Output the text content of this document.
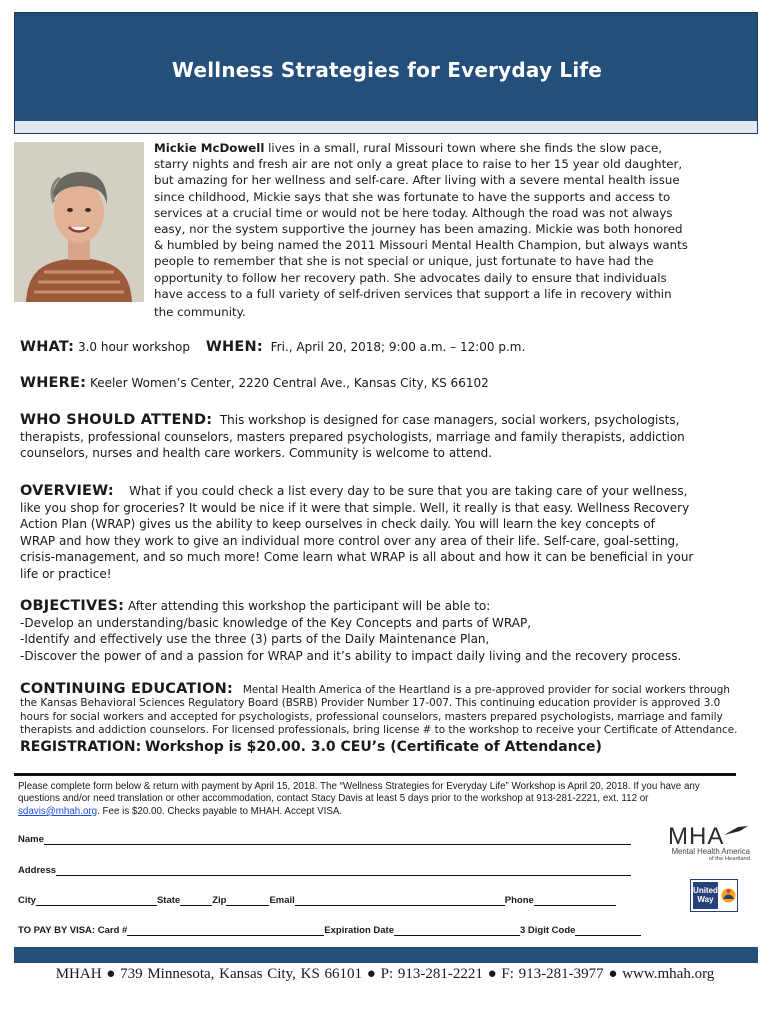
Wellness Strategies for Everyday Life
Mickie McDowell lives in a small, rural Missouri town where she finds the slow pace,
starry nights and fresh air are not only a great place to raise to her 15 year old daughter,
but amazing for her wellness and self-care. After living with a severe mental health issue
since childhood, Mickie says that she was fortunate to have the supports and access to
services at a crucial time or would not be here today. Although the road was not always
easy, nor the system supportive the journey has been amazing. Mickie was both honored
& humbled by being named the 2011 Missouri Mental Health Champion, but always wants
people to remember that she is not special or unique, just fortunate to have had the
opportunity to follow her recovery path. She advocates daily to ensure that individuals
have access to a full variety of self-driven services that support a life in recovery within
the community.
WHAT: 3.0 hour workshop WHEN: Fri., April 20, 2018; 9:00 a.m. – 12:00 p.m.
WHERE: Keeler Women’s Center, 2220 Central Ave., Kansas City, KS 66102
WHO SHOULD ATTEND: This workshop is designed for case managers, social workers, psychologists,
therapists, professional counselors, masters prepared psychologists, marriage and family therapists, addiction
counselors, nurses and health care workers. Community is welcome to attend.
OVERVIEW: What if you could check a list every day to be sure that you are taking care of your wellness,
like you shop for groceries? It would be nice if it were that simple. Well, it really is that easy. Wellness Recovery
Action Plan (WRAP) gives us the ability to keep ourselves in check daily. You will learn the key concepts of
WRAP and how they work to give an individual more control over any area of their life. Self-care, goal-setting,
crisis-management, and so much more! Come learn what WRAP is all about and how it can be beneficial in your
life or practice!
OBJECTIVES: After attending this workshop the participant will be able to:
-Develop an understanding/basic knowledge of the Key Concepts and parts of WRAP,
-Identify and effectively use the three (3) parts of the Daily Maintenance Plan,
-Discover the power of and a passion for WRAP and it’s ability to impact daily living and the recovery process.
CONTINUING EDUCATION: Mental Health America of the Heartland is a pre-approved provider for social workers through
the Kansas Behavioral Sciences Regulatory Board (BSRB) Provider Number 17-007. This continuing education provider is approved 3.0
hours for social workers and accepted for psychologists, professional counselors, masters prepared psychologists, marriage and family
therapists and addiction counselors. For licensed professionals, bring license # to the workshop to receive your Certificate of Attendance.
REGISTRATION: Workshop is $20.00. 3.0 CEU’s (Certificate of Attendance)
Please complete form below & return with payment by April 15, 2018. The “Wellness Strategies for Everyday Life” Workshop is April 20, 2018. If you have any
questions and/or need translation or other accommodation, contact Stacy Davis at least 5 days prior to the workshop at 913-281-2221, ext. 112 or
sdavis@mhah.org. Fee is $20.00. Checks payable to MHAH. Accept VISA.
Name
Address
City	State	Zip	Email	Phone
TO PAY BY VISA: Card #	Expiration Date	3 Digit Code
MHA
Mental Health America
of the Heartland
United Way
MHAH ● 739 Minnesota, Kansas City, KS 66101 ● P: 913-281-2221 ● F: 913-281-3977 ● www.mhah.org
